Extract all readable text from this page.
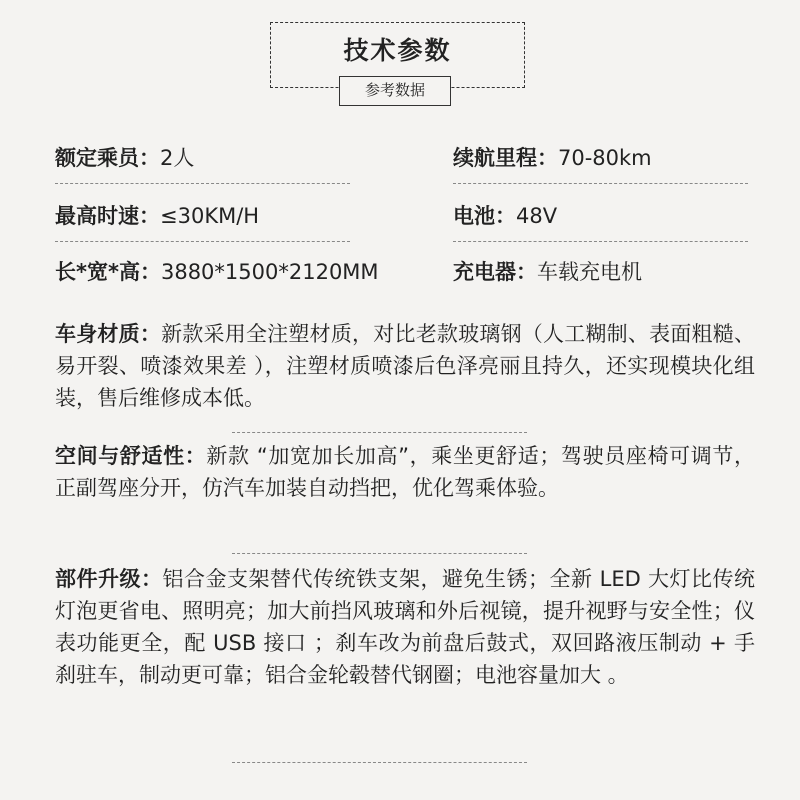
技术参数
参考数据
额定乘员：2人	续航里程：70-80km
最高时速：≤30KM/H	电池：48V
长*宽*高：3880*1500*2120MM	充电器：车载充电机
车身材质：新款采用全注塑材质，对比老款玻璃钢（人工糊制、表面粗糙、易开裂、喷漆效果差 ），注塑材质喷漆后色泽亮丽且持久，还实现模块化组装，售后维修成本低。
空间与舒适性：新款 “加宽加长加高”，乘坐更舒适；驾驶员座椅可调节，正副驾座分开，仿汽车加装自动挡把，优化驾乘体验。
部件升级：铝合金支架替代传统铁支架，避免生锈；全新 LED 大灯比传统灯泡更省电、照明亮；加大前挡风玻璃和外后视镜，提升视野与安全性；仪表功能更全，配 USB 接口 ；刹车改为前盘后鼓式，双回路液压制动 + 手刹驻车，制动更可靠；铝合金轮毂替代钢圈；电池容量加大 。
